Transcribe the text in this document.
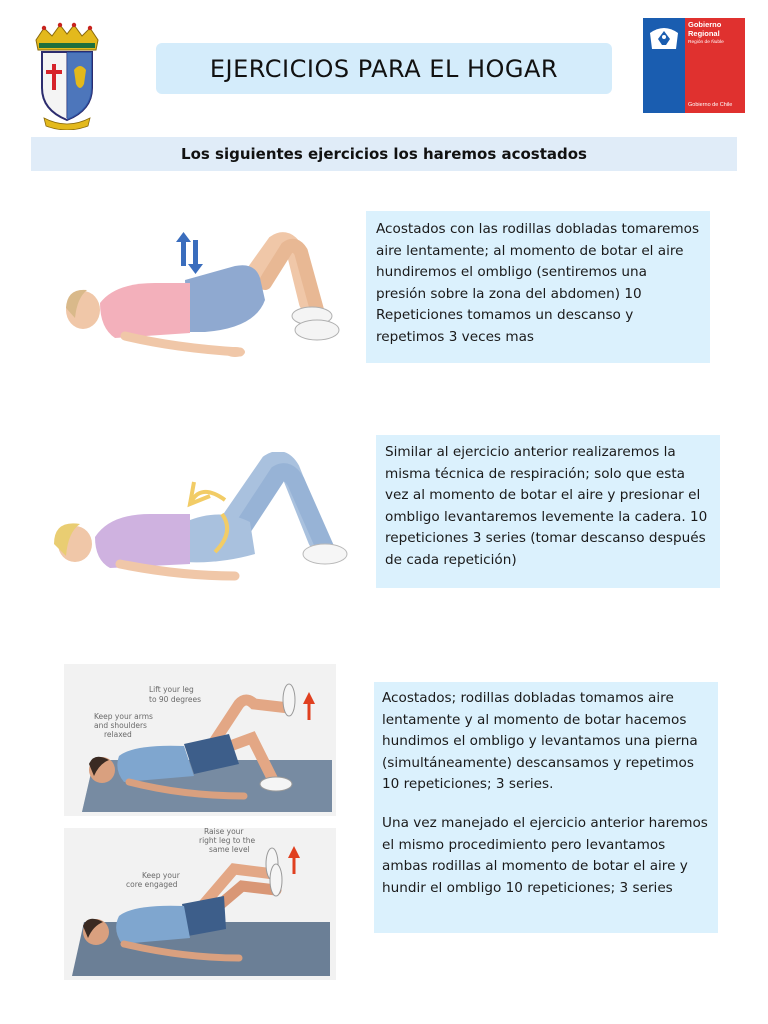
EJERCICIOS PARA EL HOGAR
Gobierno
Regional
Región de Ñuble
Gobierno de Chile
Los siguientes ejercicios los haremos acostados

Acostados con las rodillas dobladas tomaremos aire lentamente; al momento de botar el aire hundiremos el ombligo (sentiremos una presión sobre la zona del abdomen) 10 Repeticiones tomamos un descanso y repetimos 3 veces mas

Similar al ejercicio anterior realizaremos la misma técnica de respiración; solo que esta vez al momento de botar el aire y presionar el ombligo levantaremos levemente la cadera. 10 repeticiones 3 series (tomar descanso después de cada repetición)

Lift your leg
to 90 degrees
Keep your arms
and shoulders
relaxed
Raise your
right leg to the
same level
Keep your
core engaged

Acostados; rodillas dobladas tomamos aire lentamente y al momento de botar hacemos hundimos el ombligo y levantamos una pierna (simultáneamente) descansamos y repetimos 10 repeticiones; 3 series.

Una vez manejado el ejercicio anterior haremos el mismo procedimiento pero levantamos ambas rodillas al momento de botar el aire y hundir el ombligo 10 repeticiones; 3 series
